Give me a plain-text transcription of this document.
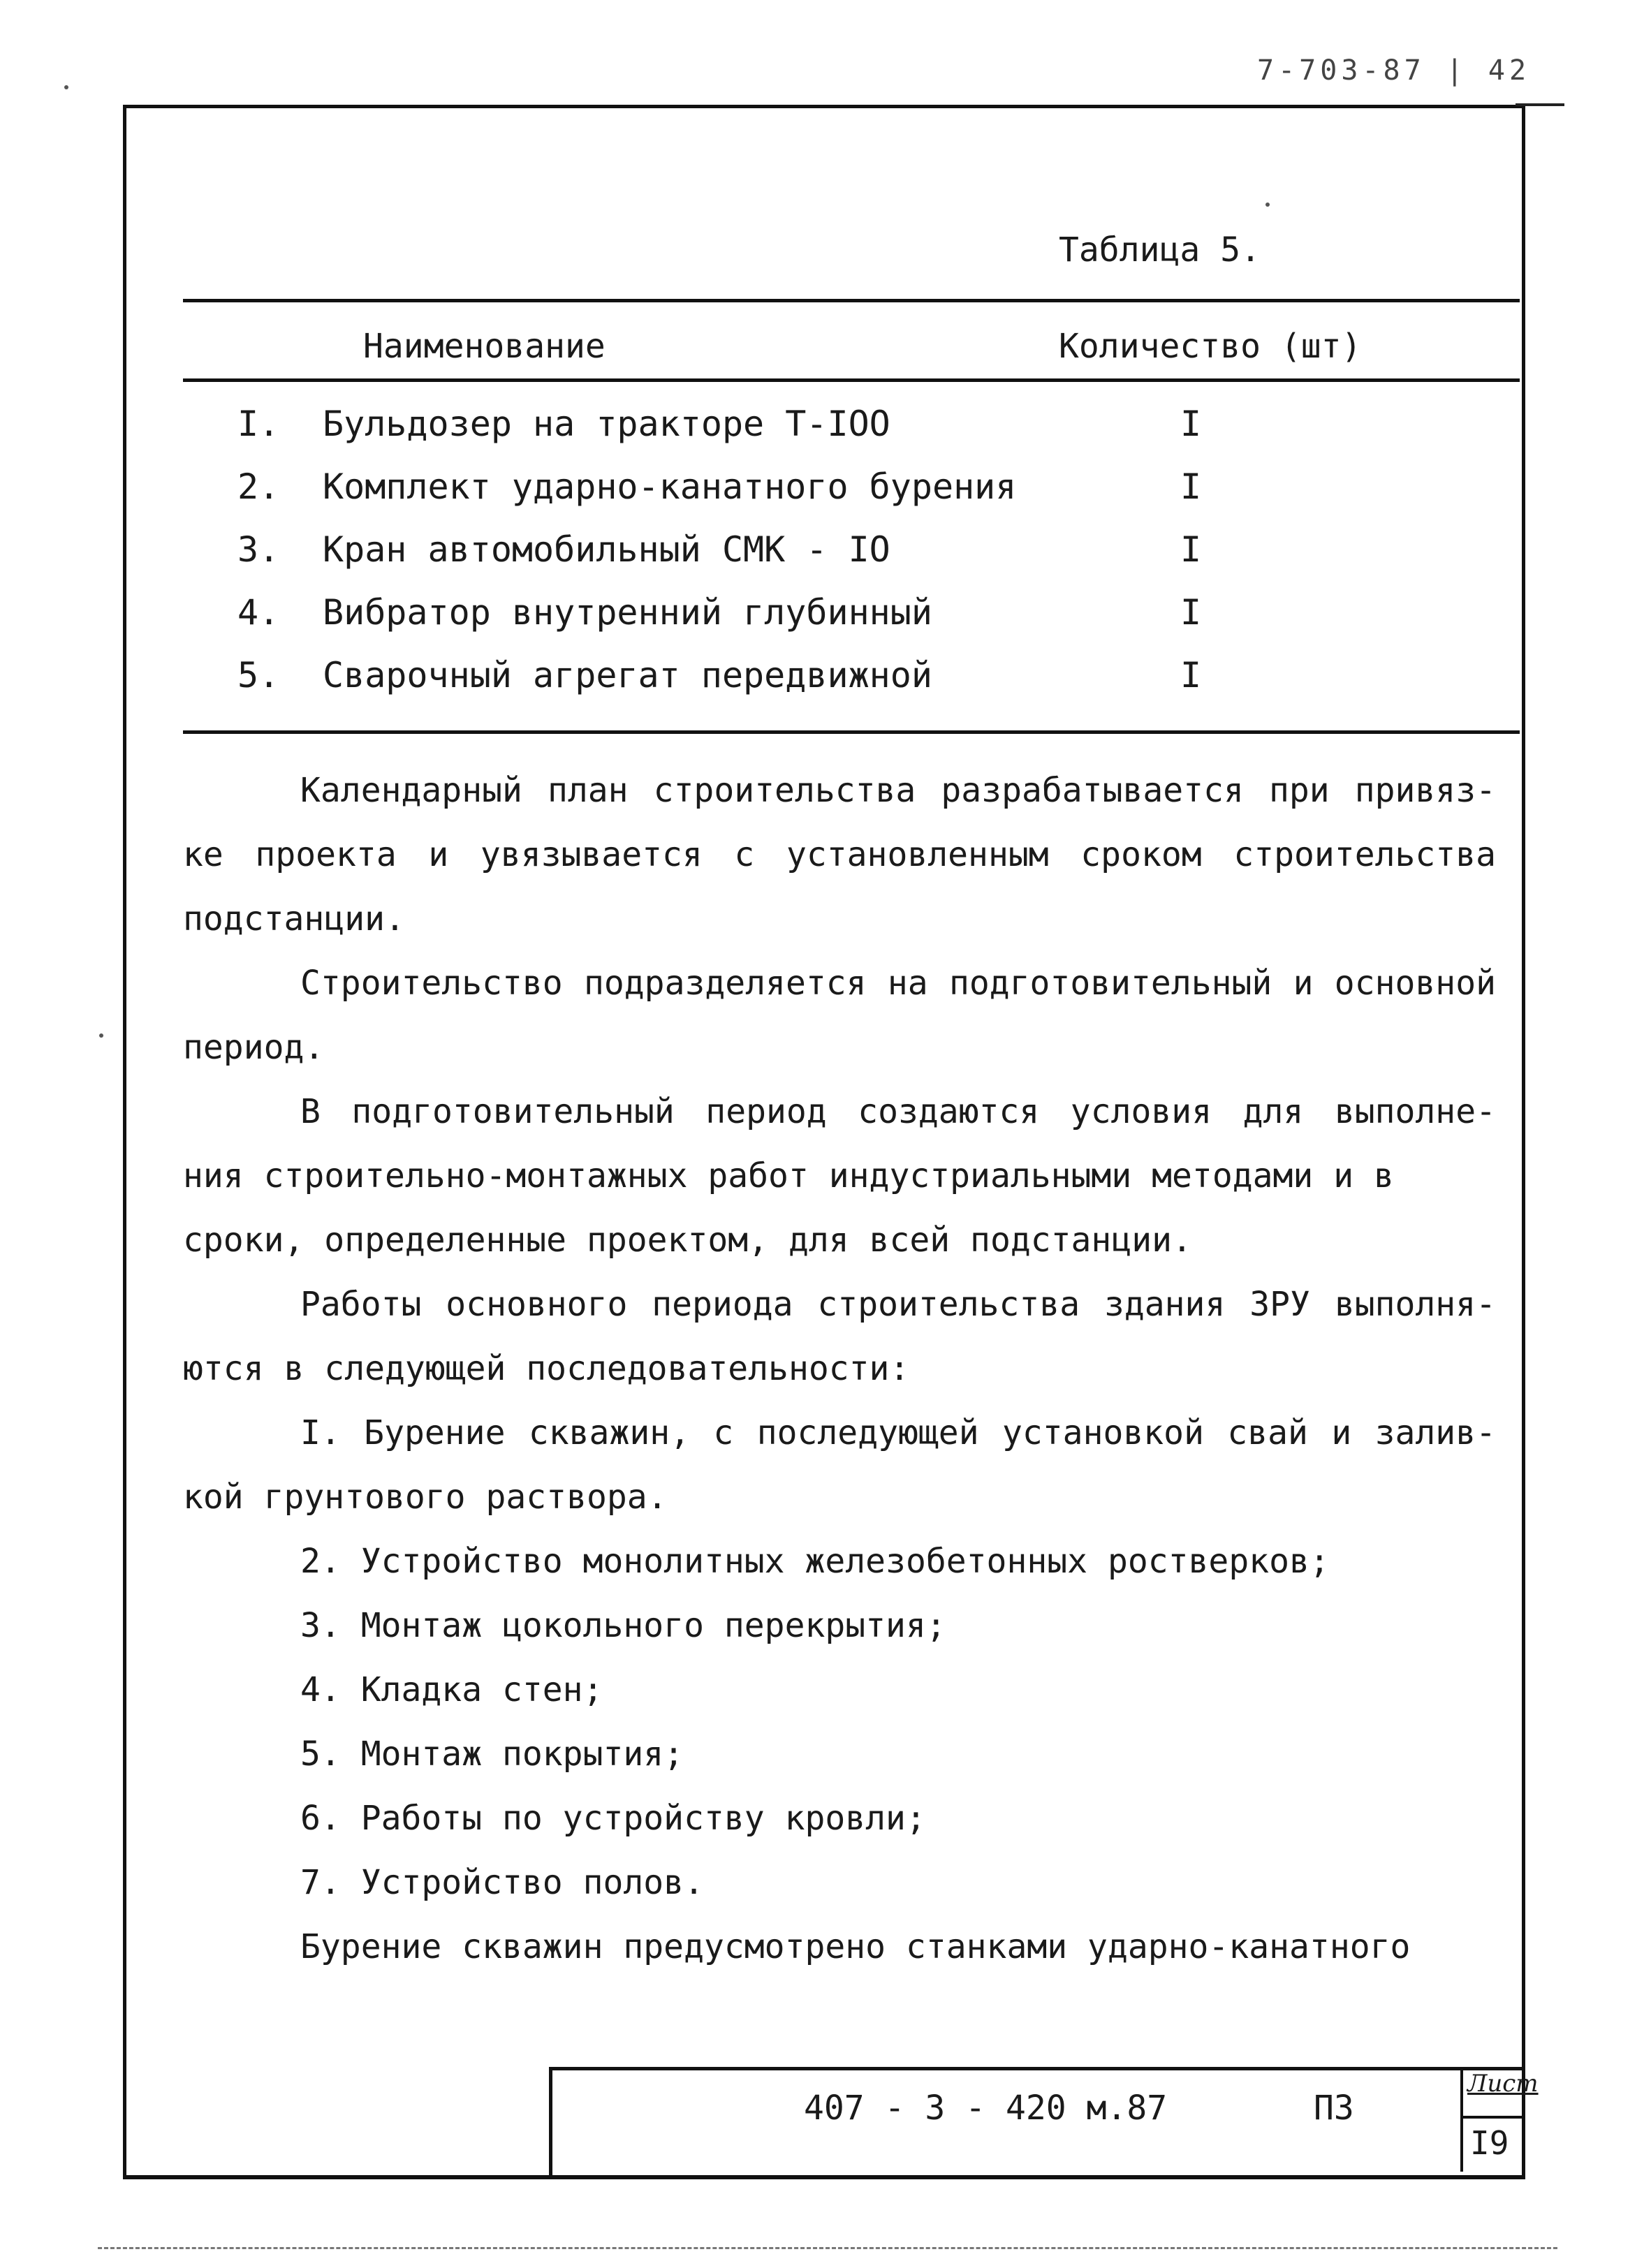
7-703-87 | 42
Таблица 5.
Наименование	Количество (шт)
I. Бульдозер на тракторе Т-IOO	I
2. Комплект ударно-канатного бурения	I
3. Кран автомобильный СМК - IO	I
4. Вибратор внутренний глубинный	I
5. Сварочный агрегат передвижной	I
Календарный план строительства разрабатывается при привяз-
ке проекта и увязывается с установленным сроком строительства
подстанции.
Строительство подразделяется на подготовительный и основной
период.
В подготовительный период создаются условия для выполне-
ния строительно-монтажных работ индустриальными методами и в
сроки, определенные проектом, для всей подстанции.
Работы основного периода строительства здания ЗРУ выполня-
ются в следующей последовательности:
I. Бурение скважин, с последующей установкой свай и залив-
кой грунтового раствора.
2. Устройство монолитных железобетонных ростверков;
3. Монтаж цокольного перекрытия;
4. Кладка стен;
5. Монтаж покрытия;
6. Работы по устройству кровли;
7. Устройство полов.
Бурение скважин предусмотрено станками ударно-канатного
407 - 3 - 420 м.87	ПЗ
Лист
I9
